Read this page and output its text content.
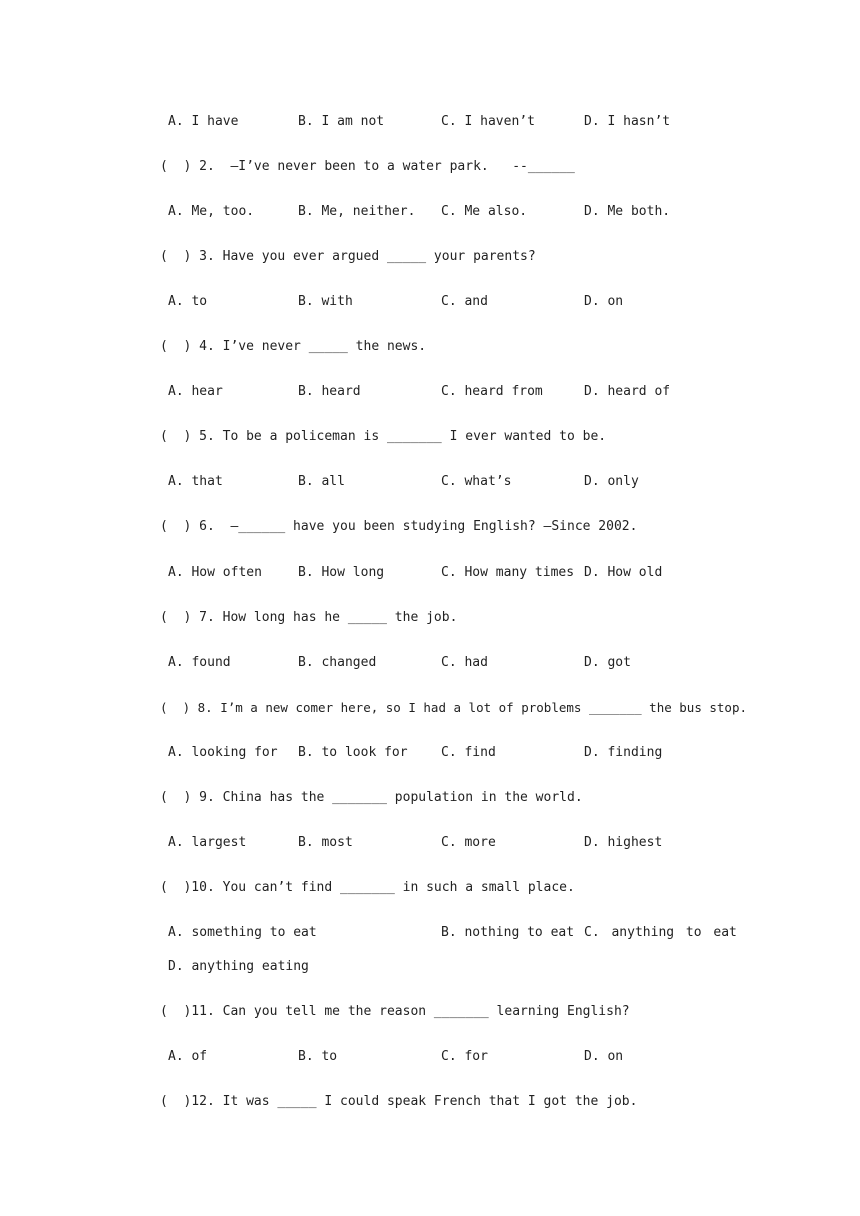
A. I have	B. I am not	C. I haven’t	D. I hasn’t
(  ) 2.  –I’ve never been to a water park.   --______
A. Me, too.	B. Me, neither. C. Me also.	D. Me both.
(  ) 3. Have you ever argued _____ your parents?
A. to	B. with	C. and	D. on
(  ) 4. I’ve never _____ the news.
A. hear	B. heard	C. heard from	D. heard of
(  ) 5. To be a policeman is _______ I ever wanted to be.
A. that	B. all	C. what’s	D. only
(  ) 6.  –______ have you been studying English? –Since 2002.
A. How often	B. How long	C. How many times D. How old
(  ) 7. How long has he _____ the job.
A. found	B. changed	C. had	D. got
(  ) 8. I’m a new comer here, so I had a lot of problems _______ the bus stop.
A. looking for B. to look for	C. find	D. finding
(  ) 9. China has the _______ population in the world.
A. largest	B. most	C. more	D. highest
(  )10. You can’t find _______ in such a small place.
A. something to eat	B. nothing to eat C. anything to eat
D. anything eating
(  )11. Can you tell me the reason _______ learning English?
A. of	B. to	C. for	D. on
(  )12. It was _____ I could speak French that I got the job.
